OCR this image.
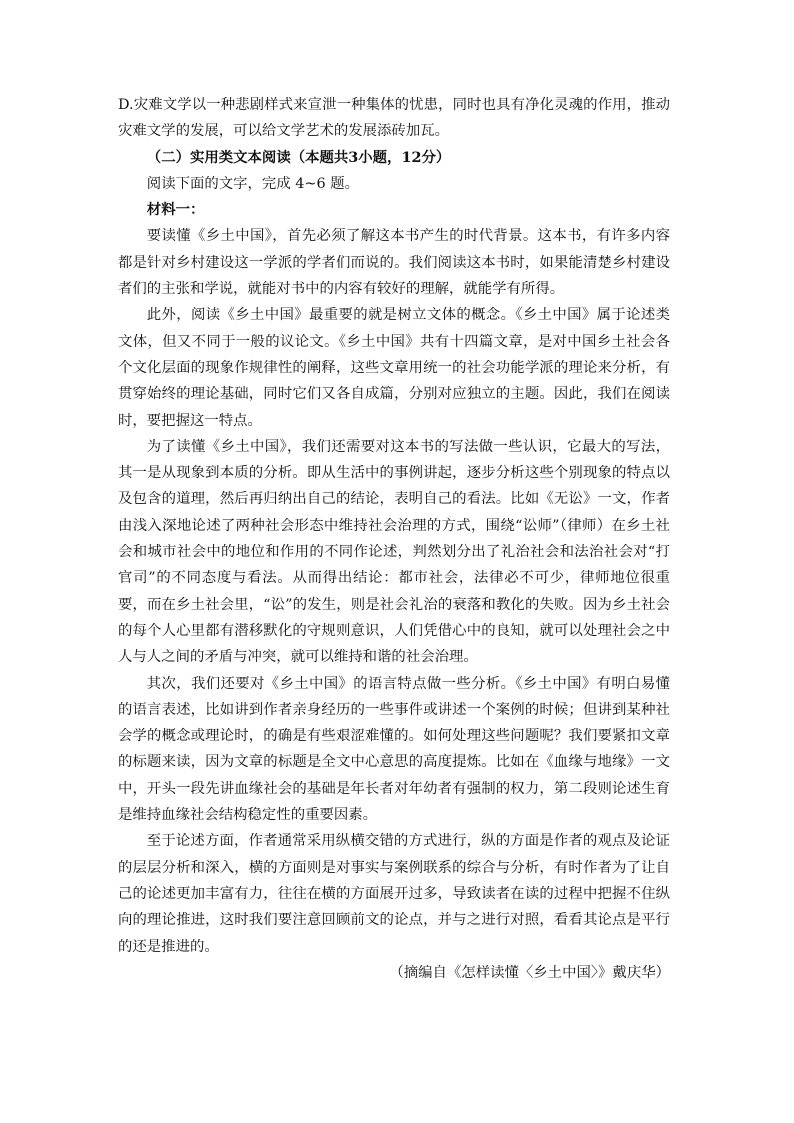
D.灾难文学以一种悲剧样式来宣泄一种集体的忧患，同时也具有净化灵魂的作用，推动灾难文学的发展，可以给文学艺术的发展添砖加瓦。

（二）实用类文本阅读（本题共3小题，12分）

阅读下面的文字，完成 4~6 题。

材料一：

要读懂《乡土中国》，首先必须了解这本书产生的时代背景。这本书，有许多内容都是针对乡村建设这一学派的学者们而说的。我们阅读这本书时，如果能清楚乡村建设者们的主张和学说，就能对书中的内容有较好的理解，就能学有所得。

此外，阅读《乡土中国》最重要的就是树立文体的概念。《乡土中国》属于论述类文体，但又不同于一般的议论文。《乡土中国》共有十四篇文章，是对中国乡土社会各个文化层面的现象作规律性的阐释，这些文章用统一的社会功能学派的理论来分析，有贯穿始终的理论基础，同时它们又各自成篇，分别对应独立的主题。因此，我们在阅读时，要把握这一特点。

为了读懂《乡土中国》，我们还需要对这本书的写法做一些认识，它最大的写法，其一是从现象到本质的分析。即从生活中的事例讲起，逐步分析这些个别现象的特点以及包含的道理，然后再归纳出自己的结论，表明自己的看法。比如《无讼》一文，作者由浅入深地论述了两种社会形态中维持社会治理的方式，围绕“讼师”（律师）在乡土社会和城市社会中的地位和作用的不同作论述，判然划分出了礼治社会和法治社会对“打官司”的不同态度与看法。从而得出结论：都市社会，法律必不可少，律师地位很重要，而在乡土社会里，“讼”的发生，则是社会礼治的衰落和教化的失败。因为乡土社会的每个人心里都有潜移默化的守规则意识，人们凭借心中的良知，就可以处理社会之中人与人之间的矛盾与冲突，就可以维持和谐的社会治理。

其次，我们还要对《乡土中国》的语言特点做一些分析。《乡土中国》有明白易懂的语言表述，比如讲到作者亲身经历的一些事件或讲述一个案例的时候；但讲到某种社会学的概念或理论时，的确是有些艰涩难懂的。如何处理这些问题呢？我们要紧扣文章的标题来读，因为文章的标题是全文中心意思的高度提炼。比如在《血缘与地缘》一文中，开头一段先讲血缘社会的基础是年长者对年幼者有强制的权力，第二段则论述生育是维持血缘社会结构稳定性的重要因素。

至于论述方面，作者通常采用纵横交错的方式进行，纵的方面是作者的观点及论证的层层分析和深入，横的方面则是对事实与案例联系的综合与分析，有时作者为了让自己的论述更加丰富有力，往往在横的方面展开过多，导致读者在读的过程中把握不住纵向的理论推进，这时我们要注意回顾前文的论点，并与之进行对照，看看其论点是平行的还是推进的。

（摘编自《怎样读懂〈乡土中国〉》戴庆华）
